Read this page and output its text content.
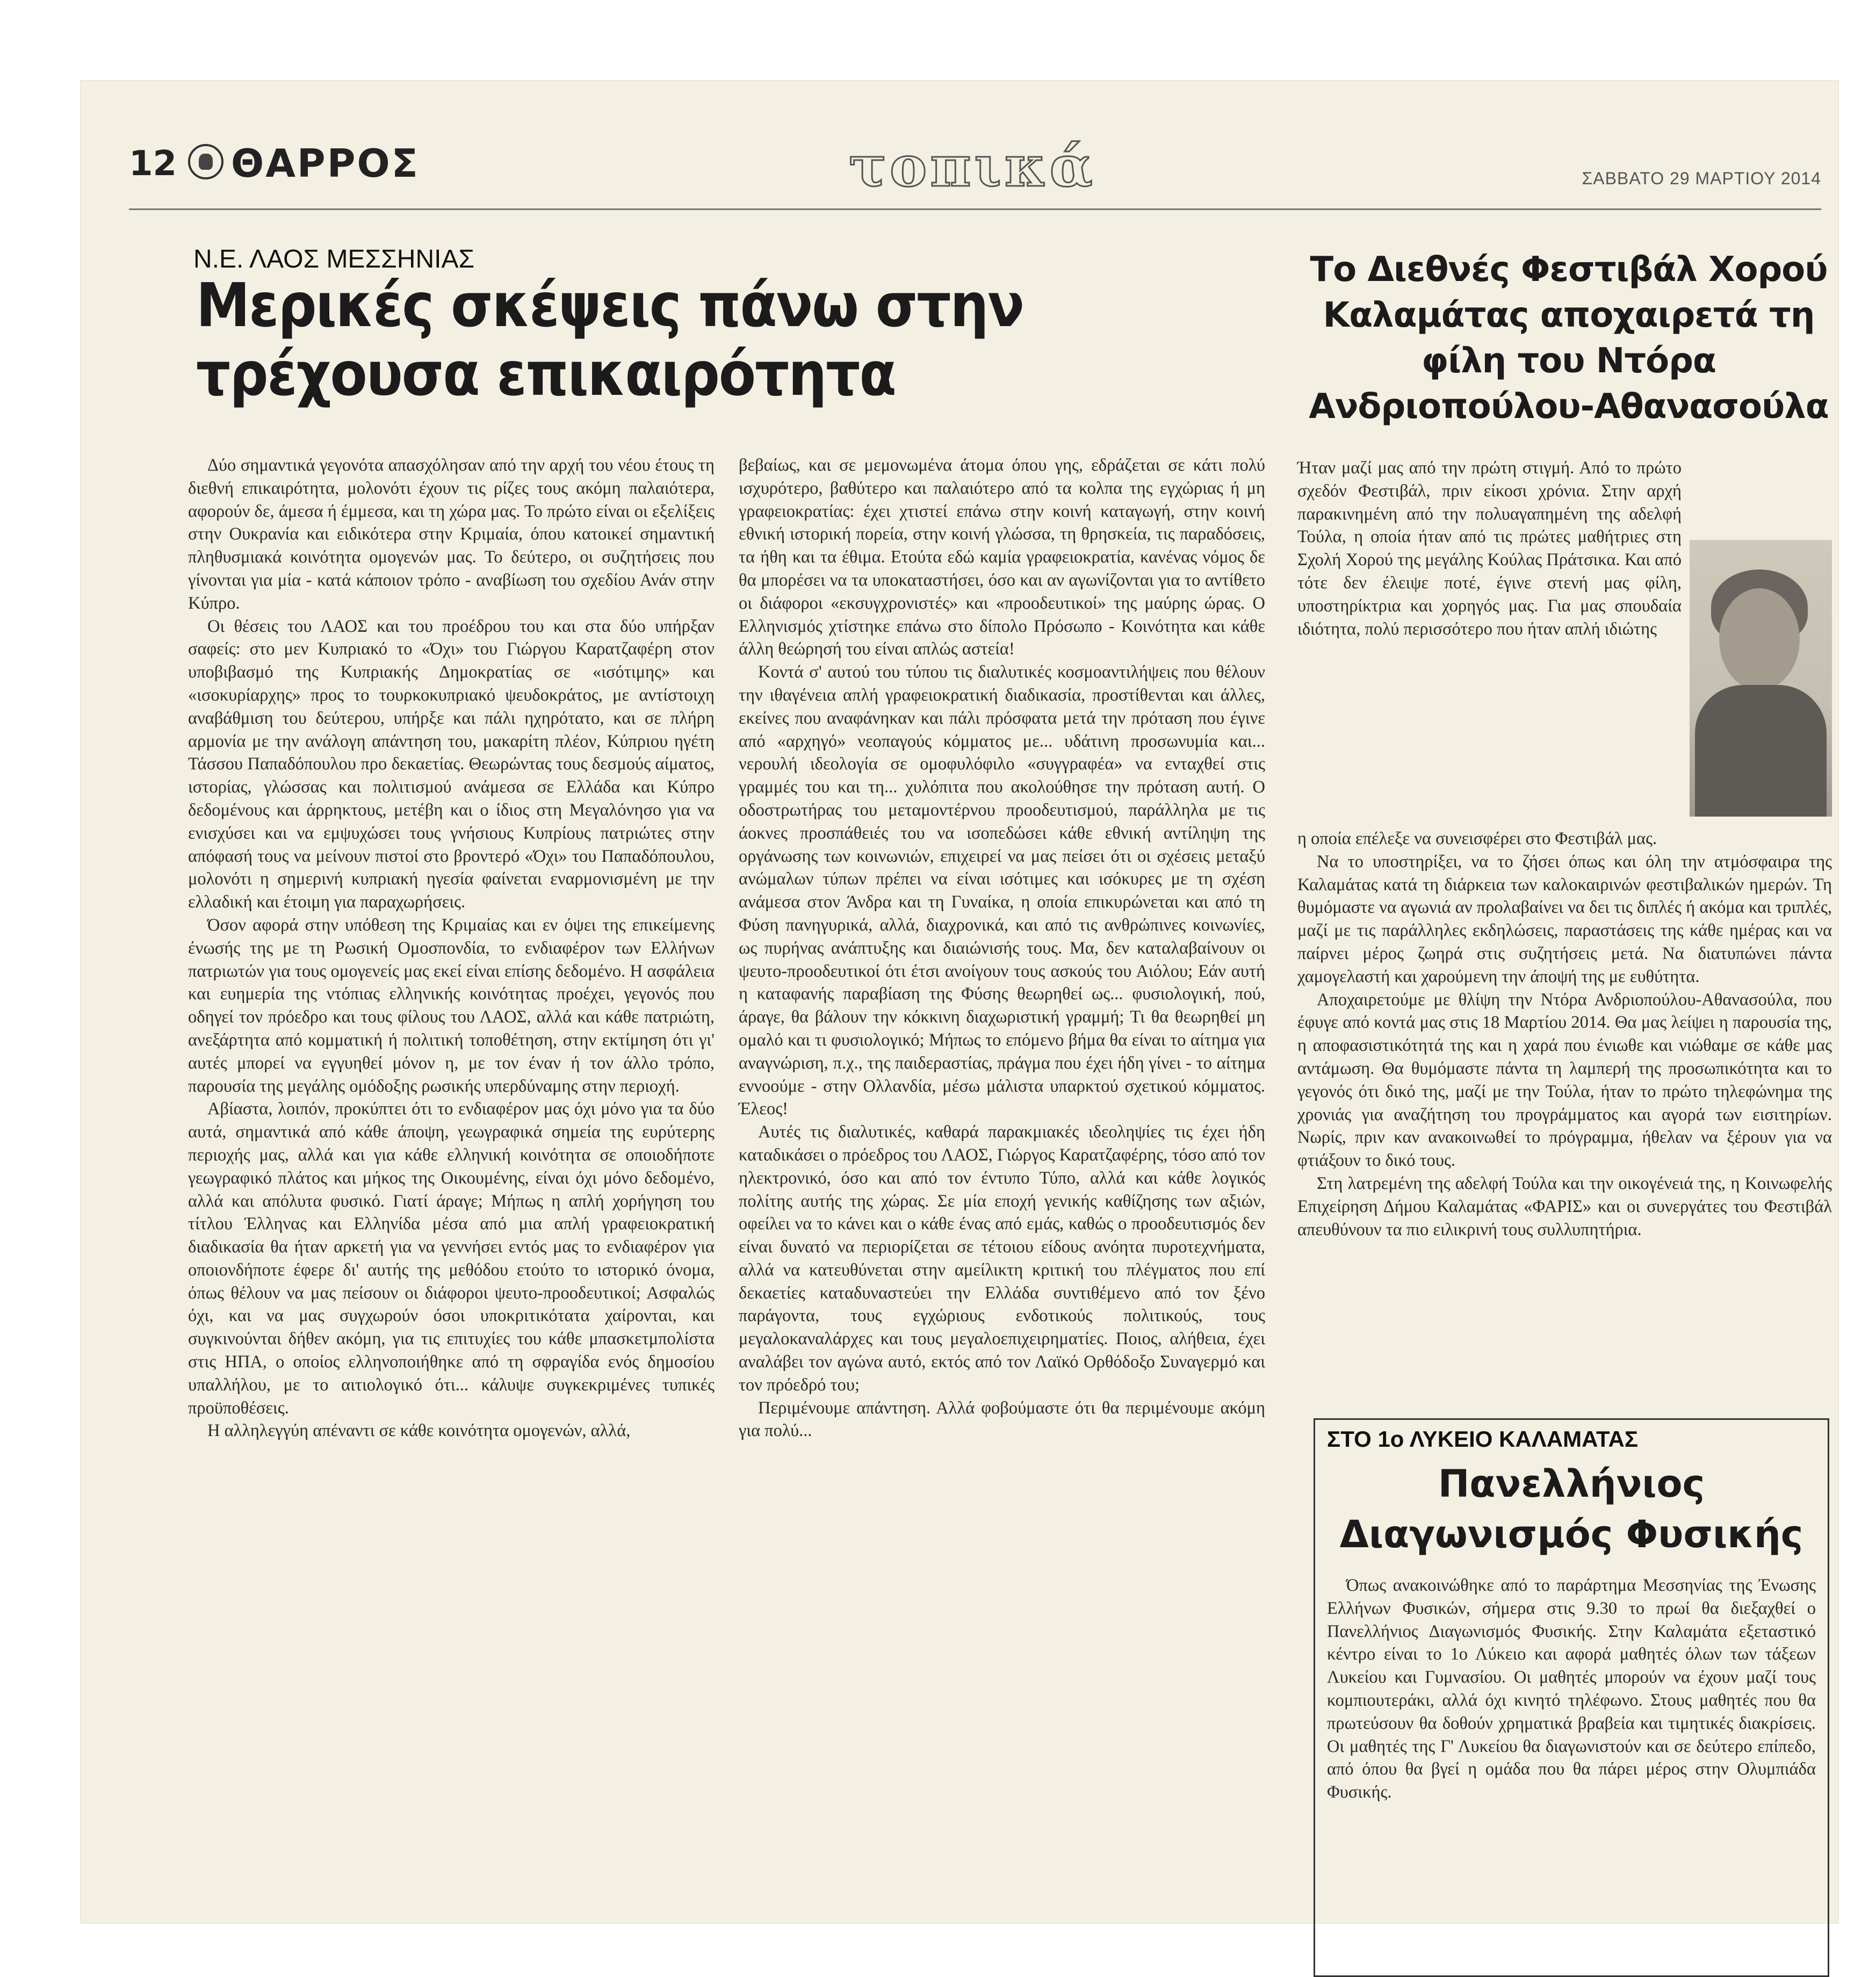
12 ΘΑΡΡΟΣ	τοπικά	ΣΑΒΒΑΤΟ 29 ΜΑΡΤΙΟΥ 2014
Ν.Ε. ΛΑΟΣ ΜΕΣΣΗΝΙΑΣ
Μερικές σκέψεις πάνω στην τρέχουσα επικαιρότητα

Δύο σημαντικά γεγονότα απασχόλησαν από την αρχή του νέου έτους τη διεθνή επικαιρότητα, μολονότι έχουν τις ρίζες τους ακόμη παλαιότερα, αφορούν δε, άμεσα ή έμμεσα, και τη χώρα μας. Το πρώτο είναι οι εξελίξεις στην Ουκρανία και ειδικότερα στην Κριμαία, όπου κατοικεί σημαντική πληθυσμιακά κοινότητα ομογενών μας. Το δεύτερο, οι συζητήσεις που γίνονται για μία - κατά κάποιον τρόπο - αναβίωση του σχεδίου Ανάν στην Κύπρο.

Οι θέσεις του ΛΑΟΣ και του προέδρου του και στα δύο υπήρξαν σαφείς: στο μεν Κυπριακό το «Όχι» του Γιώργου Καρατζαφέρη στον υποβιβασμό της Κυπριακής Δημοκρατίας σε «ισότιμης» και «ισοκυρίαρχης» προς το τουρκοκυπριακό ψευδοκράτος, με αντίστοιχη αναβάθμιση του δεύτερου, υπήρξε και πάλι ηχηρότατο, και σε πλήρη αρμονία με την ανάλογη απάντηση του, μακαρίτη πλέον, Κύπριου ηγέτη Τάσσου Παπαδόπουλου προ δεκαετίας. Θεωρώντας τους δεσμούς αίματος, ιστορίας, γλώσσας και πολιτισμού ανάμεσα σε Ελλάδα και Κύπρο δεδομένους και άρρηκτους, μετέβη και ο ίδιος στη Μεγαλόνησο για να ενισχύσει και να εμψυχώσει τους γνήσιους Κυπρίους πατριώτες στην απόφασή τους να μείνουν πιστοί στο βροντερό «Όχι» του Παπαδόπουλου, μολονότι η σημερινή κυπριακή ηγεσία φαίνεται εναρμονισμένη με την ελλαδική και έτοιμη για παραχωρήσεις.

Όσον αφορά στην υπόθεση της Κριμαίας και εν όψει της επικείμενης ένωσής της με τη Ρωσική Ομοσπονδία, το ενδιαφέρον των Ελλήνων πατριωτών για τους ομογενείς μας εκεί είναι επίσης δεδομένο. Η ασφάλεια και ευημερία της ντόπιας ελληνικής κοινότητας προέχει, γεγονός που οδηγεί τον πρόεδρο και τους φίλους του ΛΑΟΣ, αλλά και κάθε πατριώτη, ανεξάρτητα από κομματική ή πολιτική τοποθέτηση, στην εκτίμηση ότι γι' αυτές μπορεί να εγγυηθεί μόνον η, με τον έναν ή τον άλλο τρόπο, παρουσία της μεγάλης ομόδοξης ρωσικής υπερδύναμης στην περιοχή.

Αβίαστα, λοιπόν, προκύπτει ότι το ενδιαφέρον μας όχι μόνο για τα δύο αυτά, σημαντικά από κάθε άποψη, γεωγραφικά σημεία της ευρύτερης περιοχής μας, αλλά και για κάθε ελληνική κοινότητα σε οποιοδήποτε γεωγραφικό πλάτος και μήκος της Οικουμένης, είναι όχι μόνο δεδομένο, αλλά και απόλυτα φυσικό. Γιατί άραγε; Μήπως η απλή χορήγηση του τίτλου Έλληνας και Ελληνίδα μέσα από μια απλή γραφειοκρατική διαδικασία θα ήταν αρκετή για να γεννήσει εντός μας το ενδιαφέρον για οποιονδήποτε έφερε δι' αυτής της μεθόδου ετούτο το ιστορικό όνομα, όπως θέλουν να μας πείσουν οι διάφοροι ψευτο-προοδευτικοί; Ασφαλώς όχι, και να μας συγχωρούν όσοι υποκριτικότατα χαίρονται, και συγκινούνται δήθεν ακόμη, για τις επιτυχίες του κάθε μπασκετμπολίστα στις ΗΠΑ, ο οποίος ελληνοποιήθηκε από τη σφραγίδα ενός δημοσίου υπαλλήλου, με το αιτιολογικό ότι... κάλυψε συγκεκριμένες τυπικές προϋποθέσεις.

Η αλληλεγγύη απέναντι σε κάθε κοινότητα ομογενών, αλλά,

βεβαίως, και σε μεμονωμένα άτομα όπου γης, εδράζεται σε κάτι πολύ ισχυρότερο, βαθύτερο και παλαιότερο από τα κολπα της εγχώριας ή μη γραφειοκρατίας: έχει χτιστεί επάνω στην κοινή καταγωγή, στην κοινή εθνική ιστορική πορεία, στην κοινή γλώσσα, τη θρησκεία, τις παραδόσεις, τα ήθη και τα έθιμα. Ετούτα εδώ καμία γραφειοκρατία, κανένας νόμος δε θα μπορέσει να τα υποκαταστήσει, όσο και αν αγωνίζονται για το αντίθετο οι διάφοροι «εκσυγχρονιστές» και «προοδευτικοί» της μαύρης ώρας. Ο Ελληνισμός χτίστηκε επάνω στο δίπολο Πρόσωπο - Κοινότητα και κάθε άλλη θεώρησή του είναι απλώς αστεία!

Κοντά σ' αυτού του τύπου τις διαλυτικές κοσμοαντιλήψεις που θέλουν την ιθαγένεια απλή γραφειοκρατική διαδικασία, προστίθενται και άλλες, εκείνες που αναφάνηκαν και πάλι πρόσφατα μετά την πρόταση που έγινε από «αρχηγό» νεοπαγούς κόμματος με... υδάτινη προσωνυμία και... νερουλή ιδεολογία σε ομοφυλόφιλο «συγγραφέα» να ενταχθεί στις γραμμές του και τη... χυλόπιτα που ακολούθησε την πρόταση αυτή. Ο οδοστρωτήρας του μεταμοντέρνου προοδευτισμού, παράλληλα με τις άοκνες προσπάθειές του να ισοπεδώσει κάθε εθνική αντίληψη της οργάνωσης των κοινωνιών, επιχειρεί να μας πείσει ότι οι σχέσεις μεταξύ ανώμαλων τύπων πρέπει να είναι ισότιμες και ισόκυρες με τη σχέση ανάμεσα στον Άνδρα και τη Γυναίκα, η οποία επικυρώνεται και από τη Φύση πανηγυρικά, αλλά, διαχρονικά, και από τις ανθρώπινες κοινωνίες, ως πυρήνας ανάπτυξης και διαιώνισής τους. Μα, δεν καταλαβαίνουν οι ψευτο-προοδευτικοί ότι έτσι ανοίγουν τους ασκούς του Αιόλου; Εάν αυτή η καταφανής παραβίαση της Φύσης θεωρηθεί ως... φυσιολογική, πού, άραγε, θα βάλουν την κόκκινη διαχωριστική γραμμή; Τι θα θεωρηθεί μη ομαλό και τι φυσιολογικό; Μήπως το επόμενο βήμα θα είναι το αίτημα για αναγνώριση, π.χ., της παιδεραστίας, πράγμα που έχει ήδη γίνει - το αίτημα εννοούμε - στην Ολλανδία, μέσω μάλιστα υπαρκτού σχετικού κόμματος. Έλεος!

Αυτές τις διαλυτικές, καθαρά παρακμιακές ιδεοληψίες τις έχει ήδη καταδικάσει ο πρόεδρος του ΛΑΟΣ, Γιώργος Καρατζαφέρης, τόσο από τον ηλεκτρονικό, όσο και από τον έντυπο Τύπο, αλλά και κάθε λογικός πολίτης αυτής της χώρας. Σε μία εποχή γενικής καθίζησης των αξιών, οφείλει να το κάνει και ο κάθε ένας από εμάς, καθώς ο προοδευτισμός δεν είναι δυνατό να περιορίζεται σε τέτοιου είδους ανόητα πυροτεχνήματα, αλλά να κατευθύνεται στην αμείλικτη κριτική του πλέγματος που επί δεκαετίες καταδυναστεύει την Ελλάδα συντιθέμενο από τον ξένο παράγοντα, τους εγχώριους ενδοτικούς πολιτικούς, τους μεγαλοκαναλάρχες και τους μεγαλοεπιχειρηματίες. Ποιος, αλήθεια, έχει αναλάβει τον αγώνα αυτό, εκτός από τον Λαϊκό Ορθόδοξο Συναγερμό και τον πρόεδρό του;

Περιμένουμε απάντηση. Αλλά φοβούμαστε ότι θα περιμένουμε ακόμη για πολύ...

Το Διεθνές Φεστιβάλ Χορού Καλαμάτας αποχαιρετά τη φίλη του Ντόρα Ανδριοπούλου-Αθανασούλα

Ήταν μαζί μας από την πρώτη στιγμή. Από το πρώτο σχεδόν Φεστιβάλ, πριν είκοσι χρόνια. Στην αρχή παρακινημένη από την πολυαγαπημένη της αδελφή Τούλα, η οποία ήταν από τις πρώτες μαθήτριες στη Σχολή Χορού της μεγάλης Κούλας Πράτσικα. Και από τότε δεν έλειψε ποτέ, έγινε στενή μας φίλη, υποστηρίκτρια και χορηγός μας. Για μας σπουδαία ιδιότητα, πολύ περισσότερο που ήταν απλή ιδιώτης

η οποία επέλεξε να συνεισφέρει στο Φεστιβάλ μας.

Να το υποστηρίξει, να το ζήσει όπως και όλη την ατμόσφαιρα της Καλαμάτας κατά τη διάρκεια των καλοκαιρινών φεστιβαλικών ημερών. Τη θυμόμαστε να αγωνιά αν προλαβαίνει να δει τις διπλές ή ακόμα και τριπλές, μαζί με τις παράλληλες εκδηλώσεις, παραστάσεις της κάθε ημέρας και να παίρνει μέρος ζωηρά στις συζητήσεις μετά. Να διατυπώνει πάντα χαμογελαστή και χαρούμενη την άποψή της με ευθύτητα.

Αποχαιρετούμε με θλίψη την Ντόρα Ανδριοπούλου-Αθανασούλα, που έφυγε από κοντά μας στις 18 Μαρτίου 2014. Θα μας λείψει η παρουσία της, η αποφασιστικότητά της και η χαρά που ένιωθε και νιώθαμε σε κάθε μας αντάμωση. Θα θυμόμαστε πάντα τη λαμπερή της προσωπικότητα και το γεγονός ότι δικό της, μαζί με την Τούλα, ήταν το πρώτο τηλεφώνημα της χρονιάς για αναζήτηση του προγράμματος και αγορά των εισιτηρίων. Νωρίς, πριν καν ανακοινωθεί το πρόγραμμα, ήθελαν να ξέρουν για να φτιάξουν το δικό τους.

Στη λατρεμένη της αδελφή Τούλα και την οικογένειά της, η Κοινωφελής Επιχείρηση Δήμου Καλαμάτας «ΦΑΡΙΣ» και οι συνεργάτες του Φεστιβάλ απευθύνουν τα πιο ειλικρινή τους συλλυπητήρια.

ΣΤΟ 1ο ΛΥΚΕΙΟ ΚΑΛΑΜΑΤΑΣ
Πανελλήνιος Διαγωνισμός Φυσικής

Όπως ανακοινώθηκε από το παράρτημα Μεσσηνίας της Ένωσης Ελλήνων Φυσικών, σήμερα στις 9.30 το πρωί θα διεξαχθεί ο Πανελλήνιος Διαγωνισμός Φυσικής. Στην Καλαμάτα εξεταστικό κέντρο είναι το 1ο Λύκειο και αφορά μαθητές όλων των τάξεων Λυκείου και Γυμνασίου. Οι μαθητές μπορούν να έχουν μαζί τους κομπιουτεράκι, αλλά όχι κινητό τηλέφωνο. Στους μαθητές που θα πρωτεύσουν θα δοθούν χρηματικά βραβεία και τιμητικές διακρίσεις. Οι μαθητές της Γ' Λυκείου θα διαγωνιστούν και σε δεύτερο επίπεδο, από όπου θα βγεί η ομάδα που θα πάρει μέρος στην Ολυμπιάδα Φυσικής.
